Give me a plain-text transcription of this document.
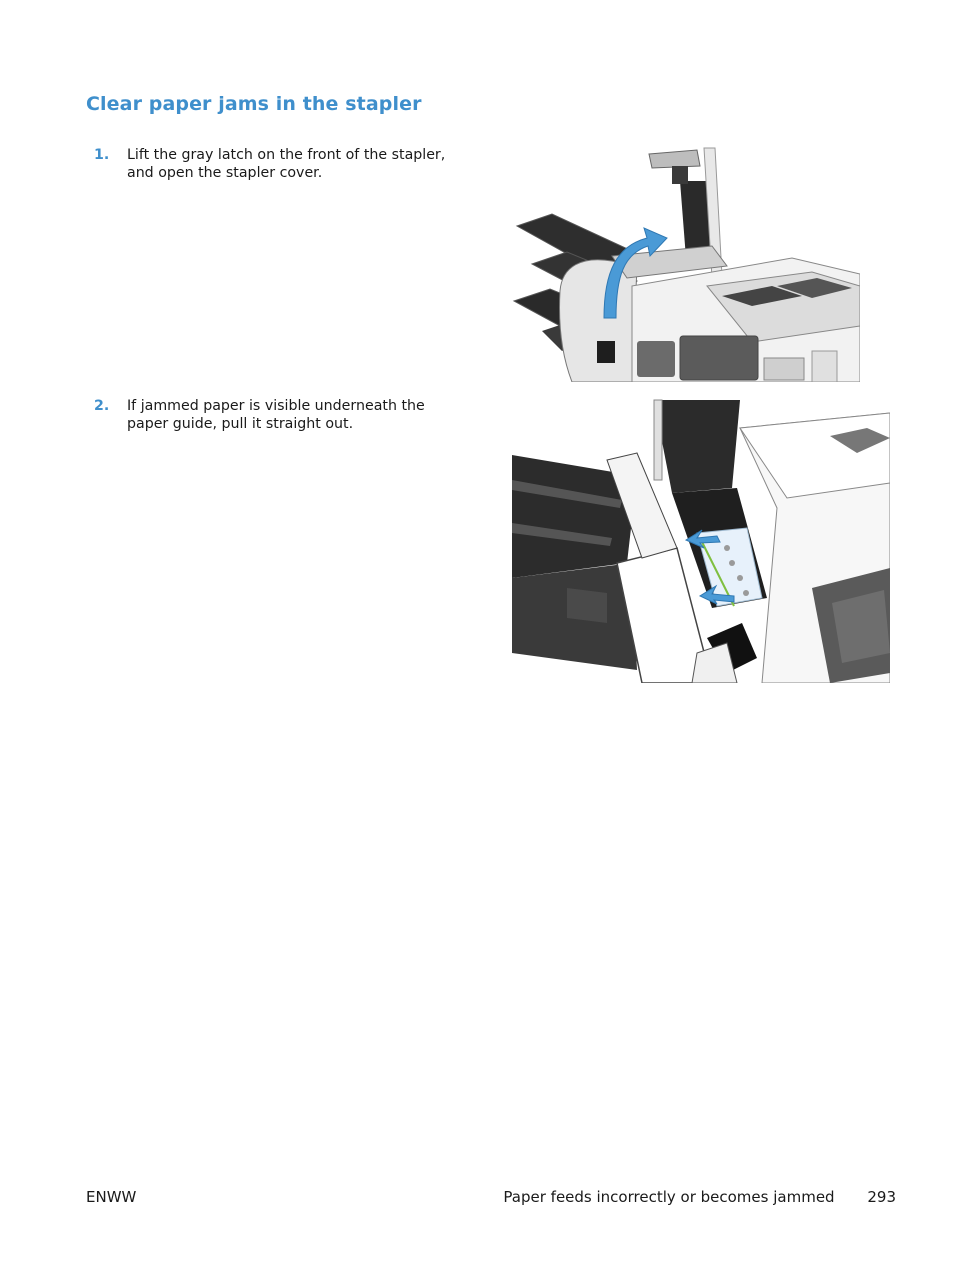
Clear paper jams in the stapler
1. Lift the gray latch on the front of the stapler, and open the stapler cover.
2. If jammed paper is visible underneath the paper guide, pull it straight out.
ENWW	Paper feeds incorrectly or becomes jammed 293
